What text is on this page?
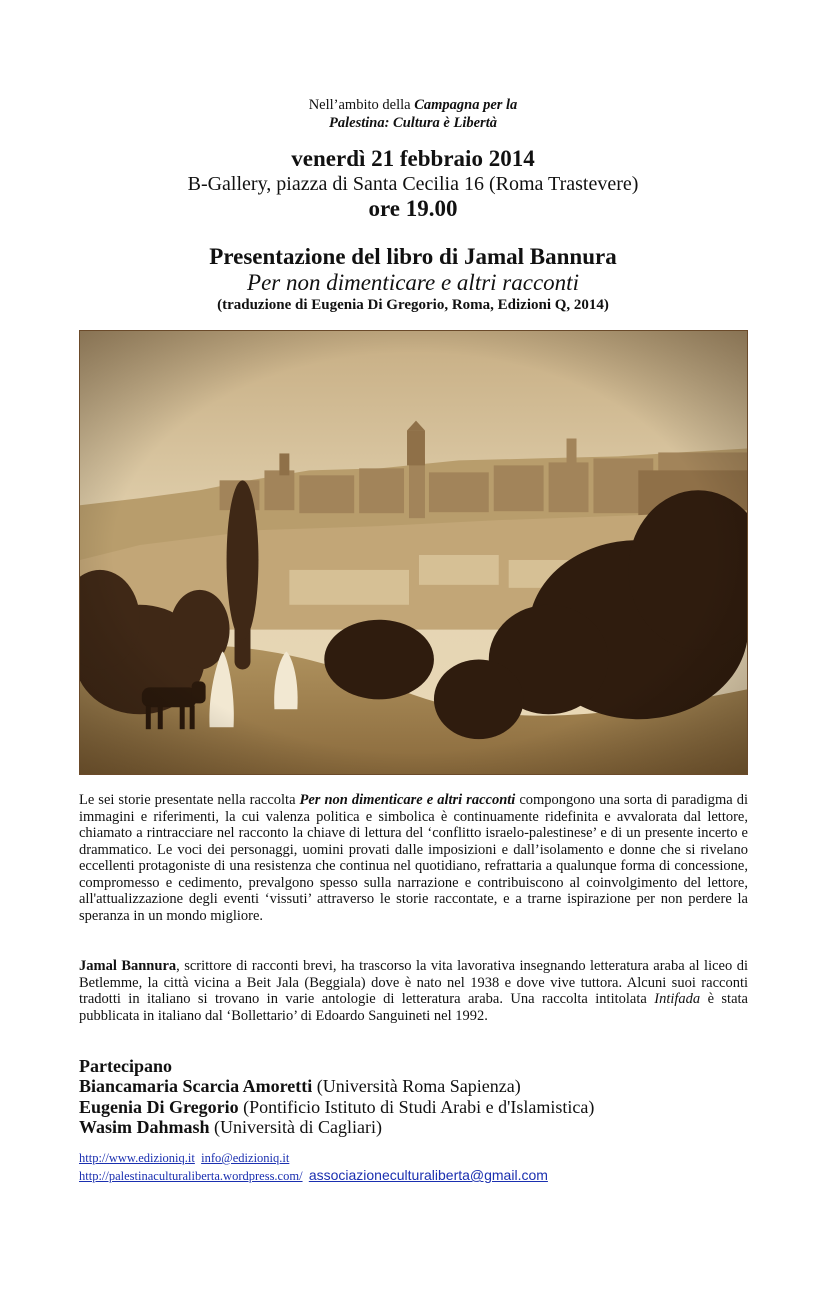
Nell’ambito della Campagna per la
Palestina: Cultura è Libertà
venerdì 21 febbraio 2014
B-Gallery, piazza di Santa Cecilia 16 (Roma Trastevere)
ore 19.00
Presentazione del libro di Jamal Bannura
Per non dimenticare e altri racconti
(traduzione di Eugenia Di Gregorio, Roma, Edizioni Q, 2014)
Le sei storie presentate nella raccolta Per non dimenticare e altri racconti compongono una sorta di paradigma di immagini e riferimenti, la cui valenza politica e simbolica è continuamente ridefinita e avvalorata dal lettore, chiamato a rintracciare nel racconto la chiave di lettura del ‘conflitto israelo-palestinese’ e di un presente incerto e drammatico. Le voci dei personaggi, uomini provati dalle imposizioni e dall’isolamento e donne che si rivelano eccellenti protagoniste di una resistenza che continua nel quotidiano, refrattaria a qualunque forma di concessione, compromesso e cedimento, prevalgono spesso sulla narrazione e contribuiscono al coinvolgimento del lettore, all'attualizzazione degli eventi ‘vissuti’ attraverso le storie raccontate, e a trarne ispirazione per non perdere la speranza in un mondo migliore.
Jamal Bannura, scrittore di racconti brevi, ha trascorso la vita lavorativa insegnando letteratura araba al liceo di Betlemme, la città vicina a Beit Jala (Beggiala) dove è nato nel 1938 e dove vive tuttora. Alcuni suoi racconti tradotti in italiano si trovano in varie antologie di letteratura araba. Una raccolta intitolata Intifada è stata pubblicata in italiano dal ‘Bollettario’ di Edoardo Sanguineti nel 1992.
Partecipano
Biancamaria Scarcia Amoretti (Università Roma Sapienza)
Eugenia Di Gregorio (Pontificio Istituto di Studi Arabi e d'Islamistica)
Wasim Dahmash (Università di Cagliari)
http://www.edizioniq.it info@edizioniq.it
http://palestinaculturaliberta.wordpress.com/ associazioneculturaliberta@gmail.com
